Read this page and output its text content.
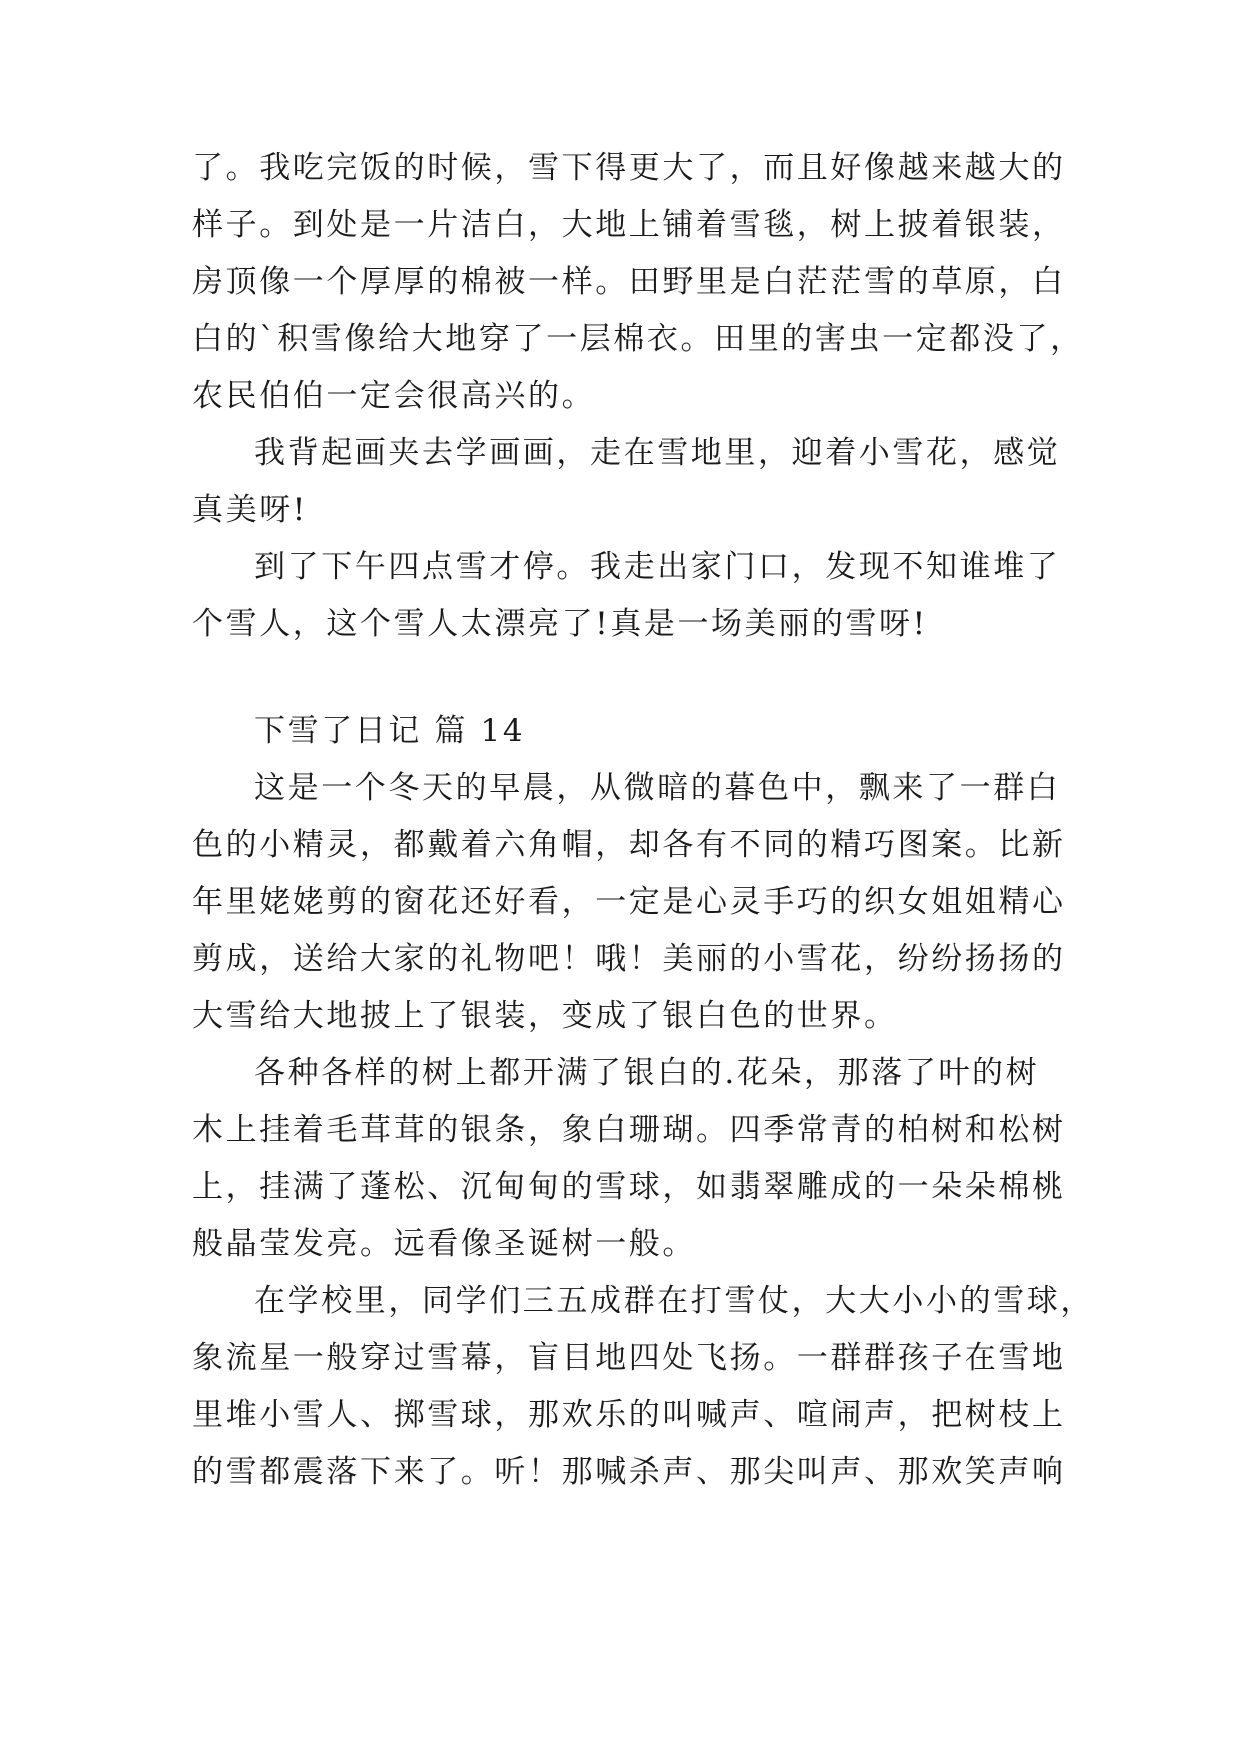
了。我吃完饭的时候，雪下得更大了，而且好像越来越大的
样子。到处是一片洁白，大地上铺着雪毯，树上披着银装，
房顶像一个厚厚的棉被一样。田野里是白茫茫雪的草原，白
白的`积雪像给大地穿了一层棉衣。田里的害虫一定都没了，
农民伯伯一定会很高兴的。
我背起画夹去学画画，走在雪地里，迎着小雪花，感觉
真美呀!
到了下午四点雪才停。我走出家门口，发现不知谁堆了
个雪人，这个雪人太漂亮了!真是一场美丽的雪呀!
下雪了日记 篇 14
这是一个冬天的早晨，从微暗的暮色中，飘来了一群白
色的小精灵，都戴着六角帽，却各有不同的精巧图案。比新
年里姥姥剪的窗花还好看，一定是心灵手巧的织女姐姐精心
剪成，送给大家的礼物吧！哦！美丽的小雪花，纷纷扬扬的
大雪给大地披上了银装，变成了银白色的世界。
各种各样的树上都开满了银白的.花朵，那落了叶的树
木上挂着毛茸茸的银条，象白珊瑚。四季常青的柏树和松树
上，挂满了蓬松、沉甸甸的雪球，如翡翠雕成的一朵朵棉桃
般晶莹发亮。远看像圣诞树一般。
在学校里，同学们三五成群在打雪仗，大大小小的雪球，
象流星一般穿过雪幕，盲目地四处飞扬。一群群孩子在雪地
里堆小雪人、掷雪球，那欢乐的叫喊声、喧闹声，把树枝上
的雪都震落下来了。听！那喊杀声、那尖叫声、那欢笑声响
